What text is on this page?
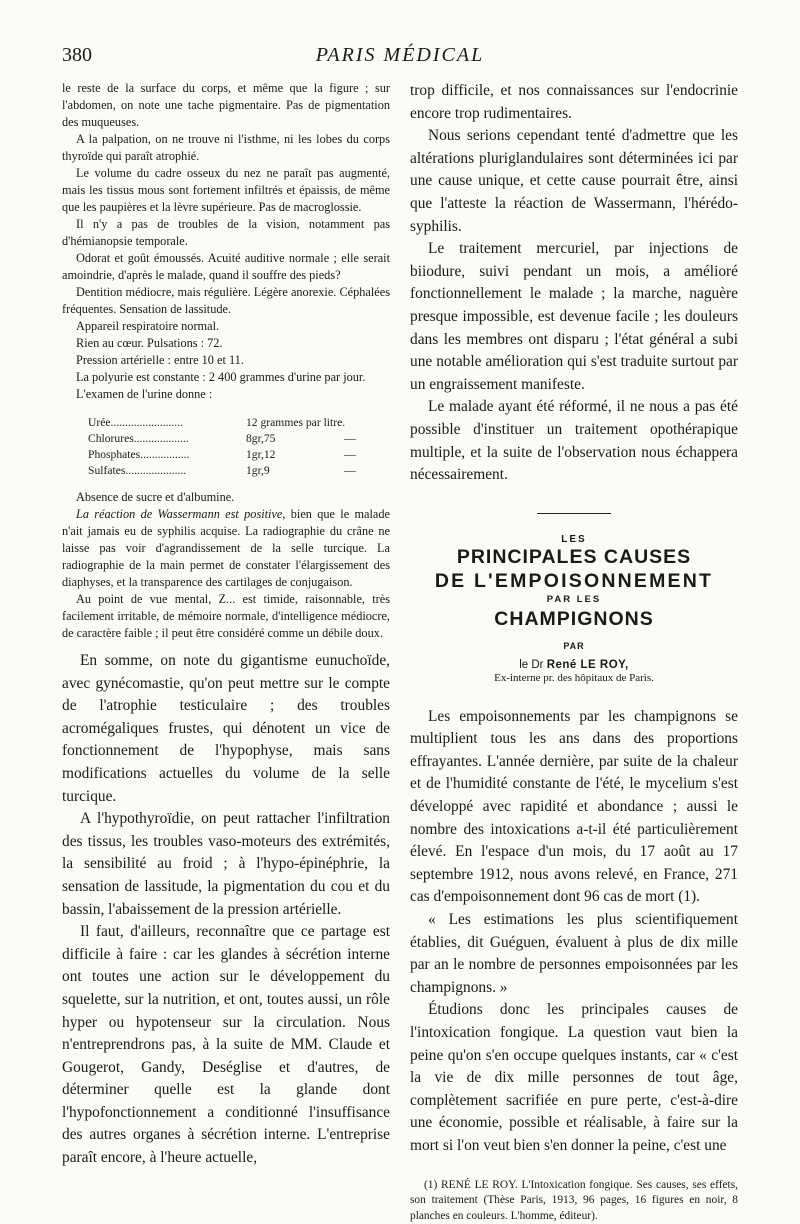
380	PARIS MÉDICAL

le reste de la surface du corps, et même que la figure ; sur l'abdomen, on note une tache pigmentaire. Pas de pigmentation des muqueuses.

A la palpation, on ne trouve ni l'isthme, ni les lobes du corps thyroïde qui paraît atrophié.

Le volume du cadre osseux du nez ne paraît pas augmenté, mais les tissus mous sont fortement infiltrés et épaissis, de même que les paupières et la lèvre supérieure. Pas de macroglossie.

Il n'y a pas de troubles de la vision, notamment pas d'hémianopsie temporale.

Odorat et goût émoussés. Acuité auditive normale ; elle serait amoindrie, d'après le malade, quand il souffre des pieds?

Dentition médiocre, mais régulière. Légère anorexie. Céphalées fréquentes. Sensation de lassitude.

Appareil respiratoire normal.

Rien au cœur. Pulsations : 72.

Pression artérielle : entre 10 et 11.

La polyurie est constante : 2 400 grammes d'urine par jour.

L'examen de l'urine donne :

Urée.........................	12 grammes par litre.	
Chlorures...................	8gr,75	—
Phosphates.................	1gr,12	—
Sulfates.....................	1gr,9	—

Absence de sucre et d'albumine.

La réaction de Wassermann est positive, bien que le malade n'ait jamais eu de syphilis acquise. La radiographie du crâne ne laisse pas voir d'agrandissement de la selle turcique. La radiographie de la main permet de constater l'élargissement des diaphyses, et la transparence des cartilages de conjugaison.

Au point de vue mental, Z... est timide, raisonnable, très facilement irritable, de mémoire normale, d'intelligence médiocre, de caractère faible ; il peut être considéré comme un débile doux.

En somme, on note du gigantisme eunuchoïde, avec gynécomastie, qu'on peut mettre sur le compte de l'atrophie testiculaire ; des troubles acromégaliques frustes, qui dénotent un vice de fonctionnement de l'hypophyse, mais sans modifications actuelles du volume de la selle turcique.

A l'hypothyroïdie, on peut rattacher l'infiltration des tissus, les troubles vaso-moteurs des extrémités, la sensibilité au froid ; à l'hypo-épinéphrie, la sensation de lassitude, la pigmentation du cou et du bassin, l'abaissement de la pression artérielle.

Il faut, d'ailleurs, reconnaître que ce partage est difficile à faire : car les glandes à sécrétion interne ont toutes une action sur le développement du squelette, sur la nutrition, et ont, toutes aussi, un rôle hyper ou hypotenseur sur la circulation. Nous n'entreprendrons pas, à la suite de MM. Claude et Gougerot, Gandy, Deséglise et d'autres, de déterminer quelle est la glande dont l'hypofonctionnement a conditionné l'insuffisance des autres organes à sécrétion interne. L'entreprise paraît encore, à l'heure actuelle,

trop difficile, et nos connaissances sur l'endocrinie encore trop rudimentaires.

Nous serions cependant tenté d'admettre que les altérations pluriglandulaires sont déterminées ici par une cause unique, et cette cause pourrait être, ainsi que l'atteste la réaction de Wassermann, l'hérédo-syphilis.

Le traitement mercuriel, par injections de biiodure, suivi pendant un mois, a amélioré fonctionnellement le malade ; la marche, naguère presque impossible, est devenue facile ; les douleurs dans les membres ont disparu ; l'état général a subi une notable amélioration qui s'est traduite surtout par un engraissement manifeste.

Le malade ayant été réformé, il ne nous a pas été possible d'instituer un traitement opothérapique multiple, et la suite de l'observation nous échappera nécessairement.

LES
PRINCIPALES CAUSES
DE L'EMPOISONNEMENT
PAR LES
CHAMPIGNONS
PAR
le Dr René LE ROY,
Ex-interne pr. des hôpitaux de Paris.

Les empoisonnements par les champignons se multiplient tous les ans dans des proportions effrayantes. L'année dernière, par suite de la chaleur et de l'humidité constante de l'été, le mycelium s'est développé avec rapidité et abondance ; aussi le nombre des intoxications a-t-il été particulièrement élevé. En l'espace d'un mois, du 17 août au 17 septembre 1912, nous avons relevé, en France, 271 cas d'empoisonnement dont 96 cas de mort (1).

« Les estimations les plus scientifiquement établies, dit Guéguen, évaluent à plus de dix mille par an le nombre de personnes empoisonnées par les champignons. »

Étudions donc les principales causes de l'intoxication fongique. La question vaut bien la peine qu'on s'en occupe quelques instants, car « c'est la vie de dix mille personnes de tout âge, complètement sacrifiée en pure perte, c'est-à-dire une économie, possible et réalisable, à faire sur la mort si l'on veut bien s'en donner la peine, c'est une

(1) RENÉ LE ROY. L'Intoxication fongique. Ses causes, ses effets, son traitement (Thèse Paris, 1913, 96 pages, 16 figures en noir, 8 planches en couleurs. L'homme, éditeur).
